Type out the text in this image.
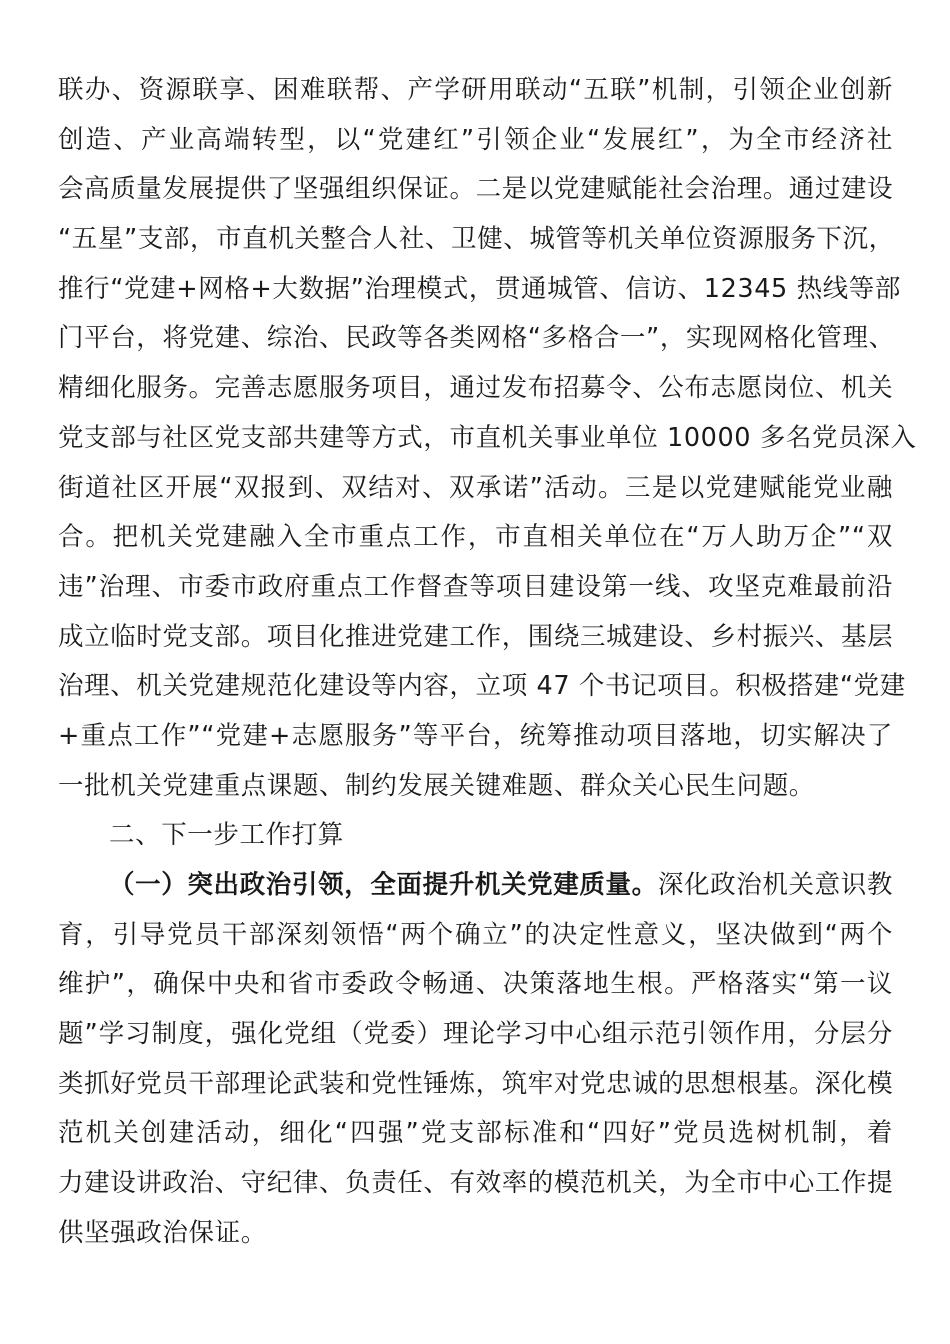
联办、资源联享、困难联帮、产学研用联动“五联”机制，引领企业创新
创造、产业高端转型，以“党建红”引领企业“发展红”，为全市经济社
会高质量发展提供了坚强组织保证。二是以党建赋能社会治理。通过建设
“五星”支部，市直机关整合人社、卫健、城管等机关单位资源服务下沉，
推行“党建+网格+大数据”治理模式，贯通城管、信访、12345 热线等部
门平台，将党建、综治、民政等各类网格“多格合一”，实现网格化管理、
精细化服务。完善志愿服务项目，通过发布招募令、公布志愿岗位、机关
党支部与社区党支部共建等方式，市直机关事业单位 10000 多名党员深入
街道社区开展“双报到、双结对、双承诺”活动。三是以党建赋能党业融
合。把机关党建融入全市重点工作，市直相关单位在“万人助万企”“双
违”治理、市委市政府重点工作督查等项目建设第一线、攻坚克难最前沿
成立临时党支部。项目化推进党建工作，围绕三城建设、乡村振兴、基层
治理、机关党建规范化建设等内容，立项 47 个书记项目。积极搭建“党建
+重点工作”“党建+志愿服务”等平台，统筹推动项目落地，切实解决了
一批机关党建重点课题、制约发展关键难题、群众关心民生问题。
二、下一步工作打算
（一）突出政治引领，全面提升机关党建质量。深化政治机关意识教
育，引导党员干部深刻领悟“两个确立”的决定性意义，坚决做到“两个
维护”，确保中央和省市委政令畅通、决策落地生根。严格落实“第一议
题”学习制度，强化党组（党委）理论学习中心组示范引领作用，分层分
类抓好党员干部理论武装和党性锤炼，筑牢对党忠诚的思想根基。深化模
范机关创建活动，细化“四强”党支部标准和“四好”党员选树机制，着
力建设讲政治、守纪律、负责任、有效率的模范机关，为全市中心工作提
供坚强政治保证。
